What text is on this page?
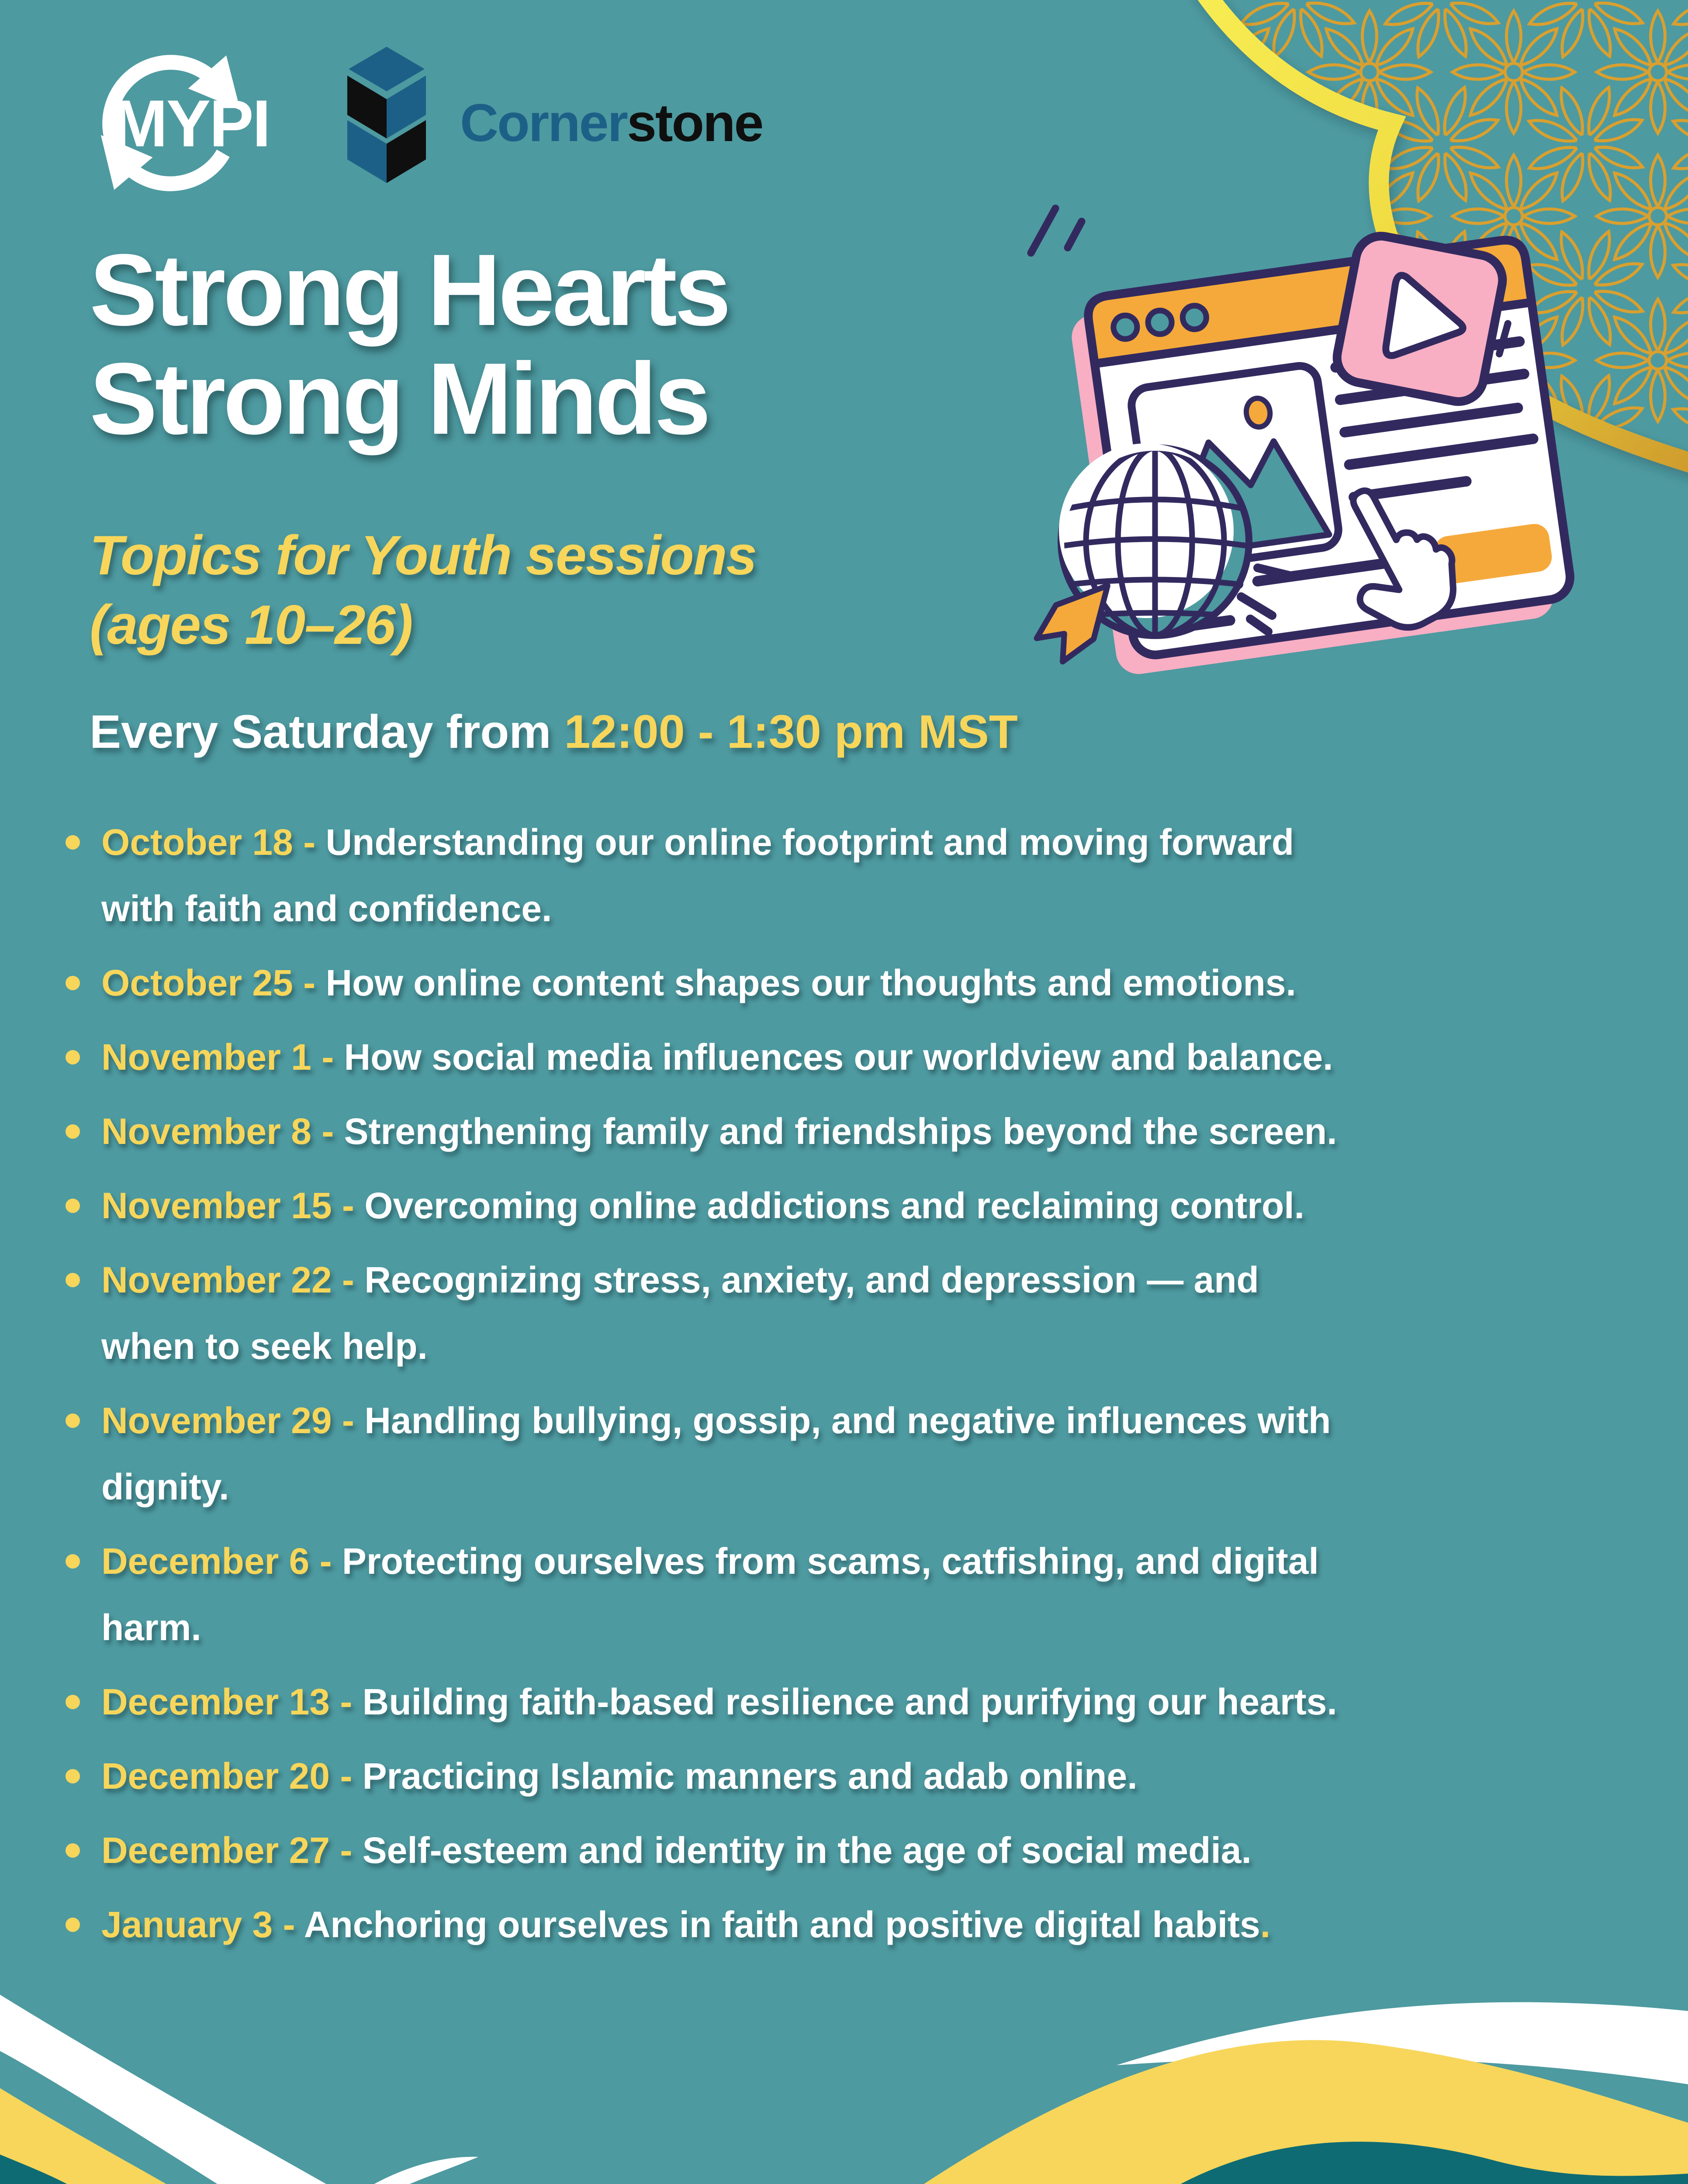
MYPI	Cornerstone
Strong Hearts
Strong Minds
Topics for Youth sessions
(ages 10–26)

Every Saturday from 12:00 - 1:30 pm MST

October 18 - Understanding our online footprint and moving forward
with faith and confidence.
October 25 - How online content shapes our thoughts and emotions.
November 1 - How social media influences our worldview and balance.
November 8 - Strengthening family and friendships beyond the screen.
November 15 - Overcoming online addictions and reclaiming control.
November 22 - Recognizing stress, anxiety, and depression — and
when to seek help.
November 29 - Handling bullying, gossip, and negative influences with
dignity.
December 6 - Protecting ourselves from scams, catfishing, and digital
harm.
December 13 - Building faith-based resilience and purifying our hearts.
December 20 - Practicing Islamic manners and adab online.
December 27 - Self-esteem and identity in the age of social media.
January 3 - Anchoring ourselves in faith and positive digital habits.
